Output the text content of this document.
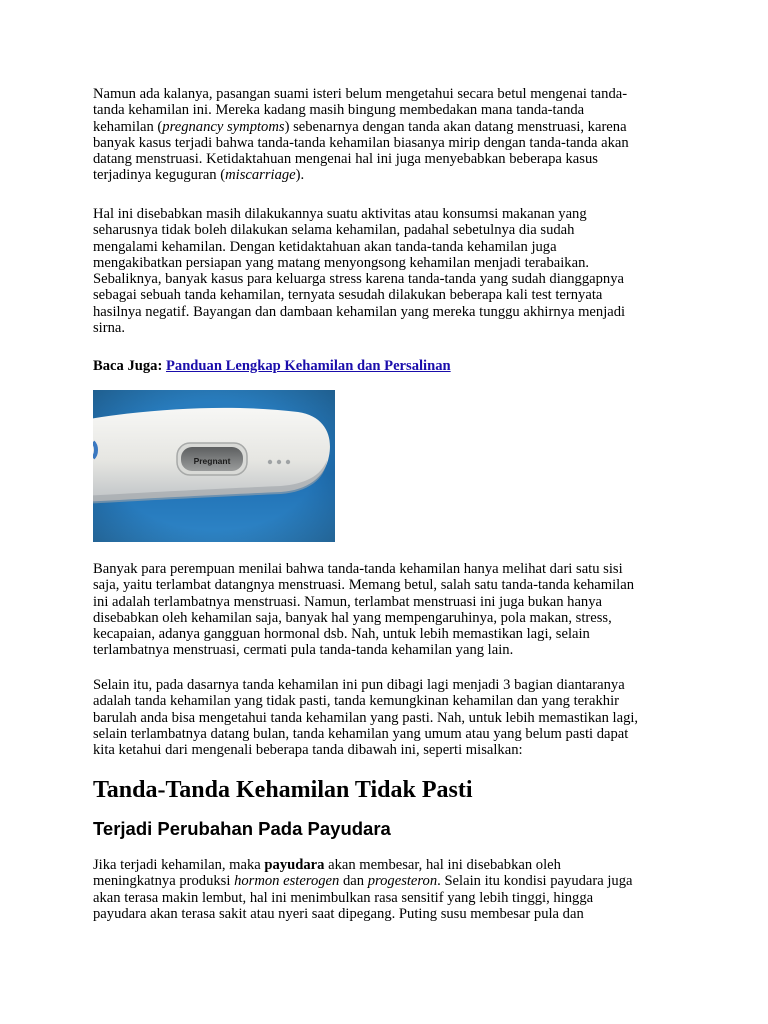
Namun ada kalanya, pasangan suami isteri belum mengetahui secara betul mengenai tanda-
tanda kehamilan ini. Mereka kadang masih bingung membedakan mana tanda-tanda
kehamilan (pregnancy symptoms) sebenarnya dengan tanda akan datang menstruasi, karena
banyak kasus terjadi bahwa tanda-tanda kehamilan biasanya mirip dengan tanda-tanda akan
datang menstruasi. Ketidaktahuan mengenai hal ini juga menyebabkan beberapa kasus
terjadinya keguguran (miscarriage).

Hal ini disebabkan masih dilakukannya suatu aktivitas atau konsumsi makanan yang
seharusnya tidak boleh dilakukan selama kehamilan, padahal sebetulnya dia sudah
mengalami kehamilan. Dengan ketidaktahuan akan tanda-tanda kehamilan juga
mengakibatkan persiapan yang matang menyongsong kehamilan menjadi terabaikan.
Sebaliknya, banyak kasus para keluarga stress karena tanda-tanda yang sudah dianggapnya
sebagai sebuah tanda kehamilan, ternyata sesudah dilakukan beberapa kali test ternyata
hasilnya negatif. Bayangan dan dambaan kehamilan yang mereka tunggu akhirnya menjadi
sirna.

Baca Juga: Panduan Lengkap Kehamilan dan Persalinan

Pregnant

Banyak para perempuan menilai bahwa tanda-tanda kehamilan hanya melihat dari satu sisi
saja, yaitu terlambat datangnya menstruasi. Memang betul, salah satu tanda-tanda kehamilan
ini adalah terlambatnya menstruasi. Namun, terlambat menstruasi ini juga bukan hanya
disebabkan oleh kehamilan saja, banyak hal yang mempengaruhinya, pola makan, stress,
kecapaian, adanya gangguan hormonal dsb. Nah, untuk lebih memastikan lagi, selain
terlambatnya menstruasi, cermati pula tanda-tanda kehamilan yang lain.

Selain itu, pada dasarnya tanda kehamilan ini pun dibagi lagi menjadi 3 bagian diantaranya
adalah tanda kehamilan yang tidak pasti, tanda kemungkinan kehamilan dan yang terakhir
barulah anda bisa mengetahui tanda kehamilan yang pasti. Nah, untuk lebih memastikan lagi,
selain terlambatnya datang bulan, tanda kehamilan yang umum atau yang belum pasti dapat
kita ketahui dari mengenali beberapa tanda dibawah ini, seperti misalkan:

Tanda-Tanda Kehamilan Tidak Pasti
Terjadi Perubahan Pada Payudara

Jika terjadi kehamilan, maka payudara akan membesar, hal ini disebabkan oleh
meningkatnya produksi hormon esterogen dan progesteron. Selain itu kondisi payudara juga
akan terasa makin lembut, hal ini menimbulkan rasa sensitif yang lebih tinggi, hingga
payudara akan terasa sakit atau nyeri saat dipegang. Puting susu membesar pula dan
